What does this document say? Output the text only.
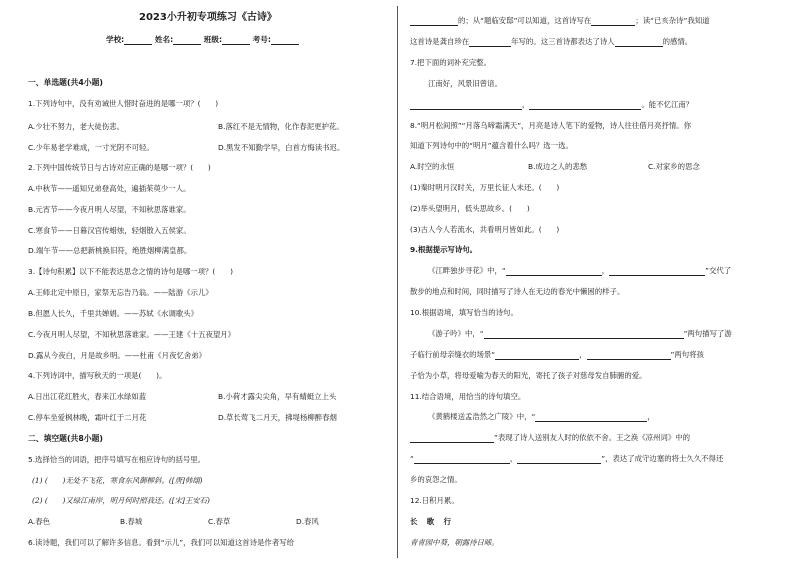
2023小升初专项练习《古诗》
学校:	姓名:	班级:	考号:
一、单选题(共4小题)
1.下列诗句中，没有劝诫世人惜时奋进的是哪一项？(　　)
A.少壮不努力，老大徒伤悲。	B.落红不是无情物，化作春泥更护花。
C.少年易老学难成，一寸光阴不可轻。	D.黑发不知勤学早，白首方悔读书迟。
2.下列中国传统节日与古诗对应正确的是哪一项？(　　)
A.中秋节——遥知兄弟登高处，遍插茱萸少一人。
B.元宵节——今夜月明人尽望，不知秋思落谁家。
C.寒食节——日暮汉宫传蜡烛，轻烟散入五侯家。
D.端午节——总把新桃换旧符，绝胜烟柳满皇都。
3.【诗句积累】以下不能表达思念之情的诗句是哪一项？(　　)
A.王师北定中原日，家祭无忘告乃翁。——陆游《示儿》
B.但愿人长久，千里共婵娟。——苏轼《水调歌头》
C.今夜月明人尽望，不知秋思落谁家。——王建《十五夜望月》
D.露从今夜白，月是故乡明。——杜甫《月夜忆舍弟》
4.下列诗词中，描写秋天的一项是(　　)。
A.日出江花红胜火，春来江水绿如蓝	B.小荷才露尖尖角，早有蜻蜓立上头
C.停车坐爱枫林晚，霜叶红于二月花	D.草长莺飞二月天，拂堤杨柳醉春烟
二、填空题(共8小题)
5.选择恰当的词语，把序号填写在相应诗句的括号里。
(1) (　　)无处不飞花，寒食东风御柳斜。([唐]韩翃)
(2) (　　)又绿江南岸，明月何时照我还。([宋]王安石)
A.春色	B.春城	C.春草	D.春风
6.读诗题，我们可以了解许多信息。看到“示儿”，我们可以知道这首诗是作者写给
的；从“题临安邸”可以知道，这首诗写在	；读“已亥杂诗”我知道
这首诗是龚自珍在	年写的。这三首诗都表达了诗人	的感情。
7.把下面的词补充完整。
江南好，风景旧曾谙。
，	。能不忆江南？
8.“明月松间照”“月落乌啼霜满天”，月亮是诗人笔下的爱物，诗人往往借月亮抒情。你
知道下列诗句中的“明月”蕴含着什么吗？选一选。
A.时空的永恒	B.成边之人的悲愁	C.对家乡的思念
(1)秦时明月汉时关，万里长征人未还。(　　)
(2)举头望明月，低头思故乡。(　　)
(3)古人今人若流水，共看明月皆如此。(　　)
9.根据提示写诗句。
《江畔独步寻花》中，“	，	”交代了
散步的地点和时间，同时描写了诗人在无边的春光中懒困的样子。
10.根据语境，填写恰当的诗句。
《游子吟》中，“	”两句描写了游
子临行前母亲缝衣的场景“	，	”两句将孩
子恰为小草，将母爱喻为春天的阳光，寄托了孩子对慈母发自肺腑的爱。
11.结合语境，用恰当的诗句填空。
《黄鹤楼送孟浩然之广陵》中，“	，
”表现了诗人送别友人时的依依不舍。王之涣《凉州词》中的
“	，	”，表达了成守边塞的将士久久不得还
乡的哀怨之情。
12.日积月累。
长　歌　行
青青园中葵，朝露待日晞。
